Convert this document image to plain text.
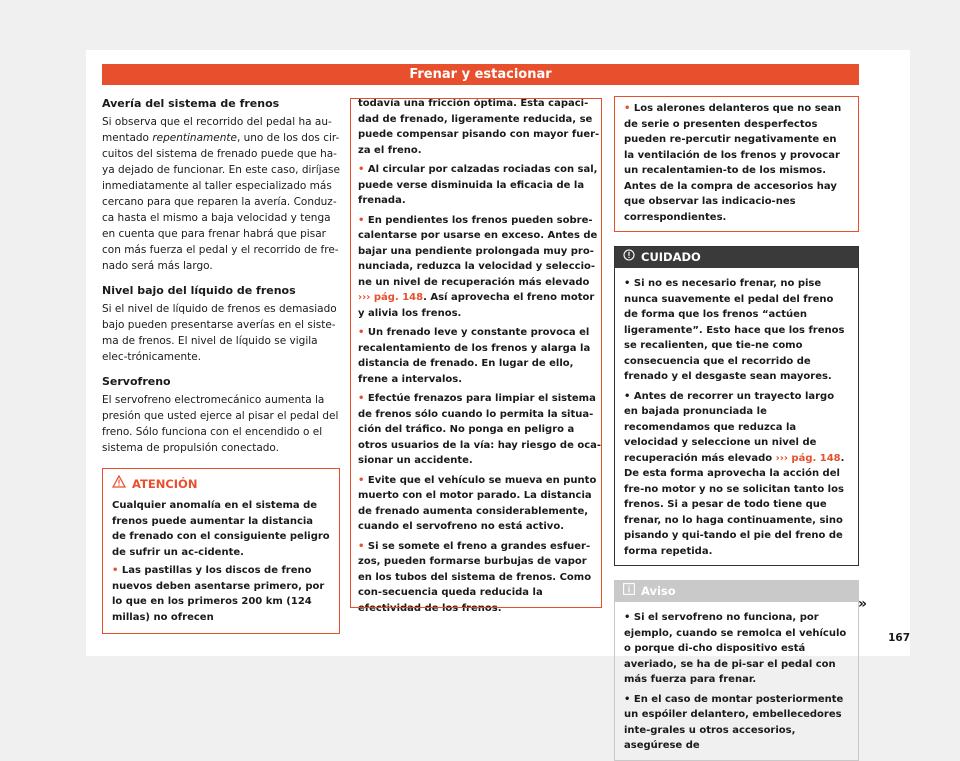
Frenar y estacionar
Avería del sistema de frenos

Si observa que el recorrido del pedal ha au-mentado repentinamente, uno de los dos cir-cuitos del sistema de frenado puede que ha-ya dejado de funcionar. En este caso, diríjase inmediatamente al taller especializado más cercano para que reparen la avería. Conduz-ca hasta el mismo a baja velocidad y tenga en cuenta que para frenar habrá que pisar con más fuerza el pedal y el recorrido de fre-nado será más largo.

Nivel bajo del líquido de frenos

Si el nivel de líquido de frenos es demasiado bajo pueden presentarse averías en el siste-ma de frenos. El nivel de líquido se vigila elec-trónicamente.

Servofreno

El servofreno electromecánico aumenta la presión que usted ejerce al pisar el pedal del freno. Sólo funciona con el encendido o el sistema de propulsión conectado.

ATENCIÓN

Cualquier anomalía en el sistema de frenos puede aumentar la distancia de frenado con el consiguiente peligro de sufrir un ac-cidente.

• Las pastillas y los discos de freno nuevos deben asentarse primero, por lo que en los primeros 200 km (124 millas) no ofrecen

todavía una fricción óptima. Esta capaci-dad de frenado, ligeramente reducida, se puede compensar pisando con mayor fuer-za el freno.

• Al circular por calzadas rociadas con sal, puede verse disminuida la eficacia de la frenada.

• En pendientes los frenos pueden sobre-calentarse por usarse en exceso. Antes de bajar una pendiente prolongada muy pro-nunciada, reduzca la velocidad y seleccio-ne un nivel de recuperación más elevado ››› pág. 148. Así aprovecha el freno motor y alivia los frenos.

• Un frenado leve y constante provoca el recalentamiento de los frenos y alarga la distancia de frenado. En lugar de ello, frene a intervalos.

• Efectúe frenazos para limpiar el sistema de frenos sólo cuando lo permita la situa-ción del tráfico. No ponga en peligro a otros usuarios de la vía: hay riesgo de oca-sionar un accidente.

• Evite que el vehículo se mueva en punto muerto con el motor parado. La distancia de frenado aumenta considerablemente, cuando el servofreno no está activo.

• Si se somete el freno a grandes esfuer-zos, pueden formarse burbujas de vapor en los tubos del sistema de frenos. Como con-secuencia queda reducida la efectividad de los frenos.

• Los alerones delanteros que no sean de serie o presenten desperfectos pueden re-percutir negativamente en la ventilación de los frenos y provocar un recalentamien-to de los mismos. Antes de la compra de accesorios hay que observar las indicacio-nes correspondientes.

CUIDADO

• Si no es necesario frenar, no pise nunca suavemente el pedal del freno de forma que los frenos “actúen ligeramente”. Esto hace que los frenos se recalienten, que tie-ne como consecuencia que el recorrido de frenado y el desgaste sean mayores.

• Antes de recorrer un trayecto largo en bajada pronunciada le recomendamos que reduzca la velocidad y seleccione un nivel de recuperación más elevado ››› pág. 148. De esta forma aprovecha la acción del fre-no motor y no se solicitan tanto los frenos. Si a pesar de todo tiene que frenar, no lo haga continuamente, sino pisando y qui-tando el pie del freno de forma repetida.

Aviso

• Si el servofreno no funciona, por ejemplo, cuando se remolca el vehículo o porque di-cho dispositivo está averiado, se ha de pi-sar el pedal con más fuerza para frenar.

• En el caso de montar posteriormente un espóiler delantero, embellecedores inte-grales u otros accesorios, asegúrese de

»
167
